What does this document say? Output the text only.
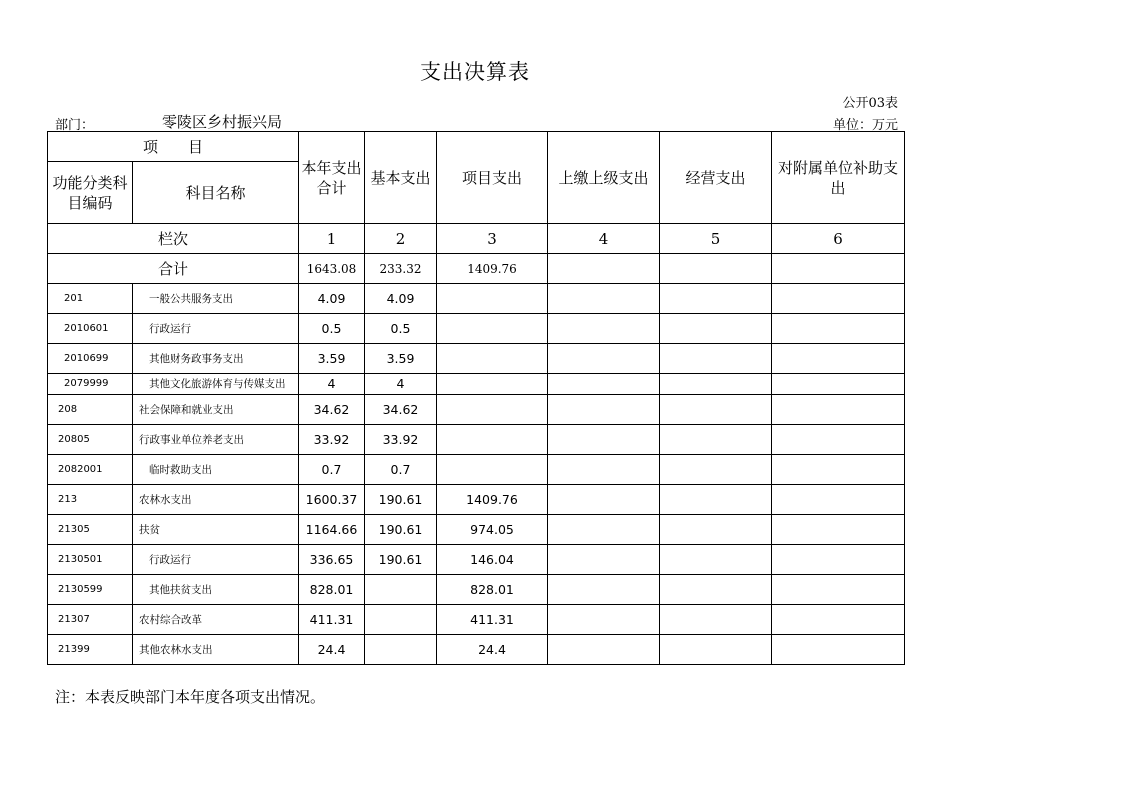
支出决算表
公开03表
部门：	零陵区乡村振兴局	单位：万元
项　　目		本年支出合计	基本支出	项目支出	上缴上级支出	经营支出	对附属单位补助支出
功能分类科目编码	科目名称						
栏次		1	2	3	4	5	6
合计		1643.08	233.32	1409.76			
201	一般公共服务支出	4.09	4.09				
2010601	行政运行	0.5	0.5				
2010699	其他财务政事务支出	3.59	3.59				
2079999	其他文化旅游体育与传媒支出	4	4				
208	社会保障和就业支出	34.62	34.62				
20805	行政事业单位养老支出	33.92	33.92				
2082001	临时救助支出	0.7	0.7				
213	农林水支出	1600.37	190.61	1409.76			
21305	扶贫	1164.66	190.61	974.05			
2130501	行政运行	336.65	190.61	146.04			
2130599	其他扶贫支出	828.01		828.01			
21307	农村综合改革	411.31		411.31			
21399	其他农林水支出	24.4		24.4			
注：本表反映部门本年度各项支出情况。
